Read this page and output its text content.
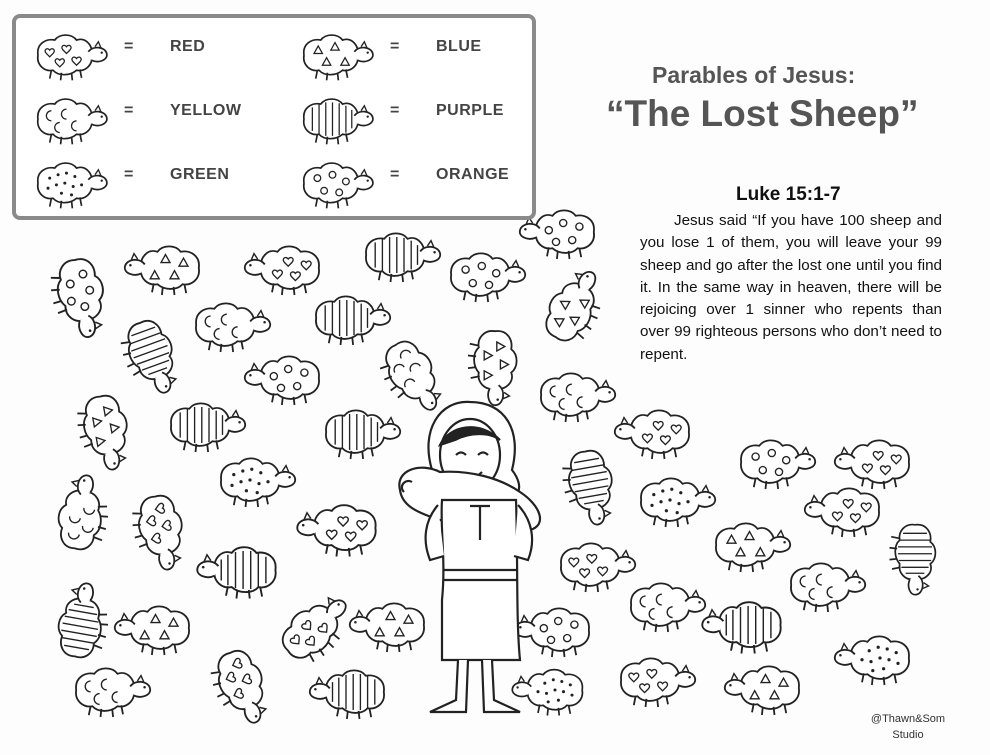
= RED	= BLUE
= YELLOW	= PURPLE
= GREEN	= ORANGE
Parables of Jesus:
“The Lost Sheep”
Luke 15:1-7
Jesus said “If you have 100 sheep and you lose 1 of them, you will leave your 99 sheep and go after the lost one until you find it. In the same way in heaven, there will be rejoicing over 1 sinner who repents than over 99 righteous persons who don’t need to repent.
@Thawn&Som
Studio
